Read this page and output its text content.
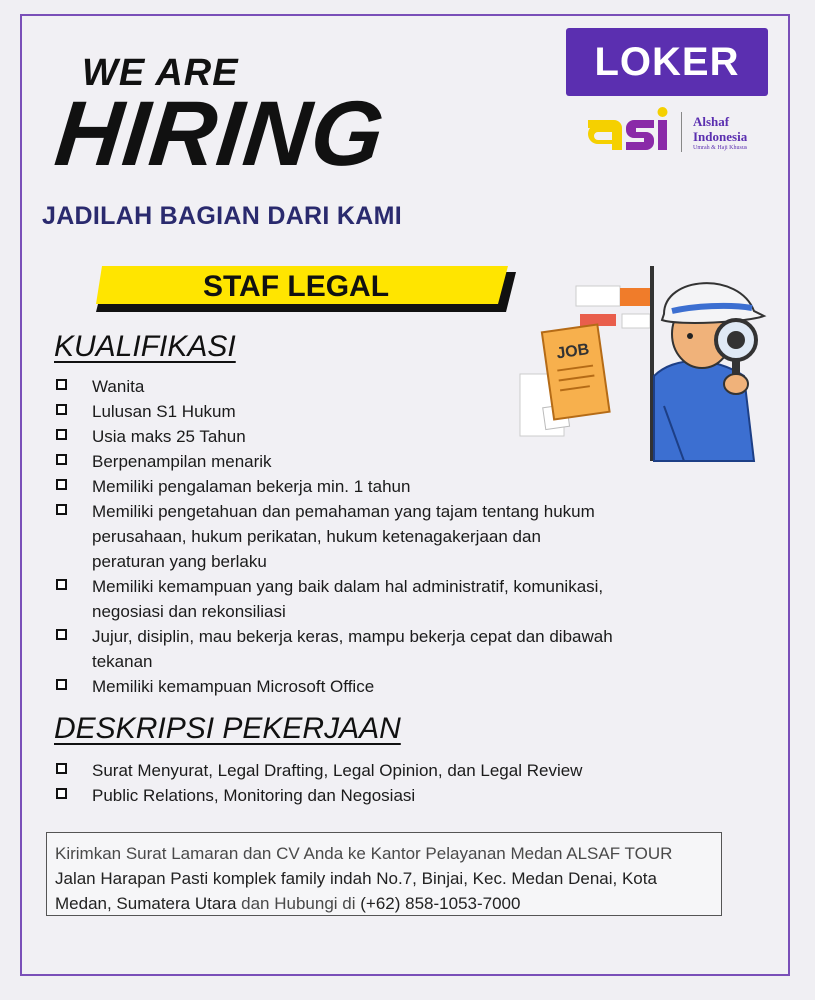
WE ARE
HIRING
JADILAH BAGIAN DARI KAMI
LOKER
Alshaf
Indonesia
Umrah & Haji Khusus
STAF LEGAL
JOB
KUALIFIKASI
Wanita
Lulusan S1 Hukum
Usia maks 25 Tahun
Berpenampilan menarik
Memiliki pengalaman bekerja min. 1 tahun
Memiliki pengetahuan dan pemahaman yang tajam tentang hukum
perusahaan, hukum perikatan, hukum ketenagakerjaan dan
peraturan yang berlaku
Memiliki kemampuan yang baik dalam hal administratif, komunikasi,
negosiasi dan rekonsiliasi
Jujur, disiplin, mau bekerja keras, mampu bekerja cepat dan dibawah
tekanan
Memiliki kemampuan Microsoft Office
DESKRIPSI PEKERJAAN
Surat Menyurat, Legal Drafting, Legal Opinion, dan Legal Review
Public Relations, Monitoring dan Negosiasi
Kirimkan Surat Lamaran dan CV Anda ke Kantor Pelayanan Medan ALSAF TOUR
Jalan Harapan Pasti komplek family indah No.7, Binjai, Kec. Medan Denai, Kota
Medan, Sumatera Utara dan Hubungi di (+62) 858-1053-7000
